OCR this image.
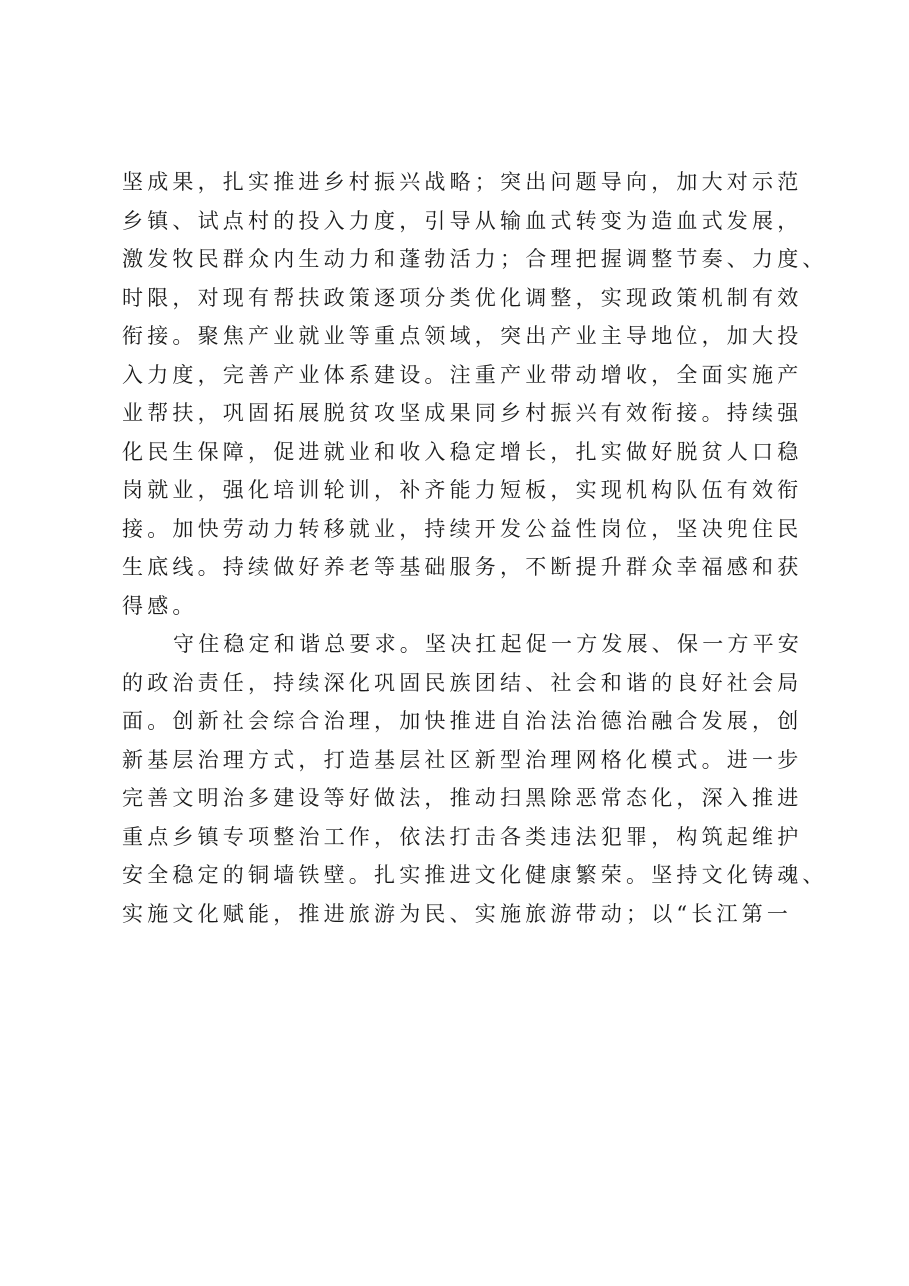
坚成果，扎实推进乡村振兴战略；突出问题导向，加大对示范
乡镇、试点村的投入力度，引导从输血式转变为造血式发展，
激发牧民群众内生动力和蓬勃活力；合理把握调整节奏、力度、
时限，对现有帮扶政策逐项分类优化调整，实现政策机制有效
衔接。聚焦产业就业等重点领域，突出产业主导地位，加大投
入力度，完善产业体系建设。注重产业带动增收，全面实施产
业帮扶，巩固拓展脱贫攻坚成果同乡村振兴有效衔接。持续强
化民生保障，促进就业和收入稳定增长，扎实做好脱贫人口稳
岗就业，强化培训轮训，补齐能力短板，实现机构队伍有效衔
接。加快劳动力转移就业，持续开发公益性岗位，坚决兜住民
生底线。持续做好养老等基础服务，不断提升群众幸福感和获
得感。
守住稳定和谐总要求。坚决扛起促一方发展、保一方平安
的政治责任，持续深化巩固民族团结、社会和谐的良好社会局
面。创新社会综合治理，加快推进自治法治德治融合发展，创
新基层治理方式，打造基层社区新型治理网格化模式。进一步
完善文明治多建设等好做法，推动扫黑除恶常态化，深入推进
重点乡镇专项整治工作，依法打击各类违法犯罪，构筑起维护
安全稳定的铜墙铁壁。扎实推进文化健康繁荣。坚持文化铸魂、
实施文化赋能，推进旅游为民、实施旅游带动；以“长江第一
